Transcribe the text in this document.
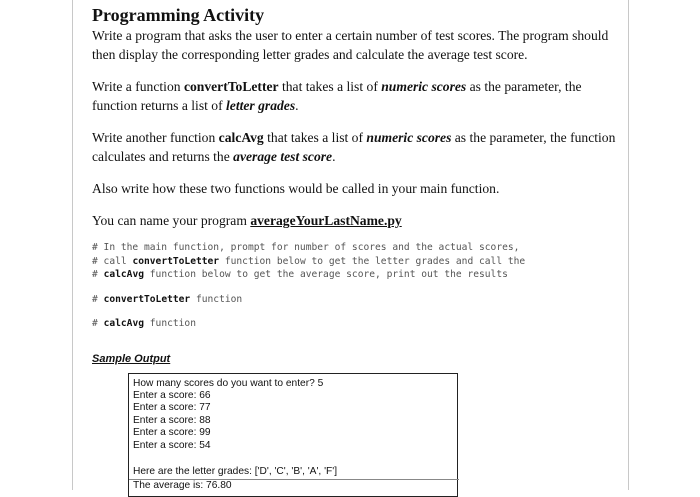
Programming Activity

Write a program that asks the user to enter a certain number of test scores. The program should then display the corresponding letter grades and calculate the average test score.

Write a function convertToLetter that takes a list of numeric scores as the parameter, the function returns a list of letter grades.

Write another function calcAvg that takes a list of numeric scores as the parameter, the function calculates and returns the average test score.

Also write how these two functions would be called in your main function.

You can name your program averageYourLastName.py

# In the main function, prompt for number of scores and the actual scores,
# call convertToLetter function below to get the letter grades and call the
# calcAvg function below to get the average score, print out the results
# convertToLetter function
# calcAvg function
Sample Output
How many scores do you want to enter? 5
Enter a score: 66
Enter a score: 77
Enter a score: 88
Enter a score: 99
Enter a score: 54
Here are the letter grades: ['D', 'C', 'B', 'A', 'F']
The average is: 76.80
